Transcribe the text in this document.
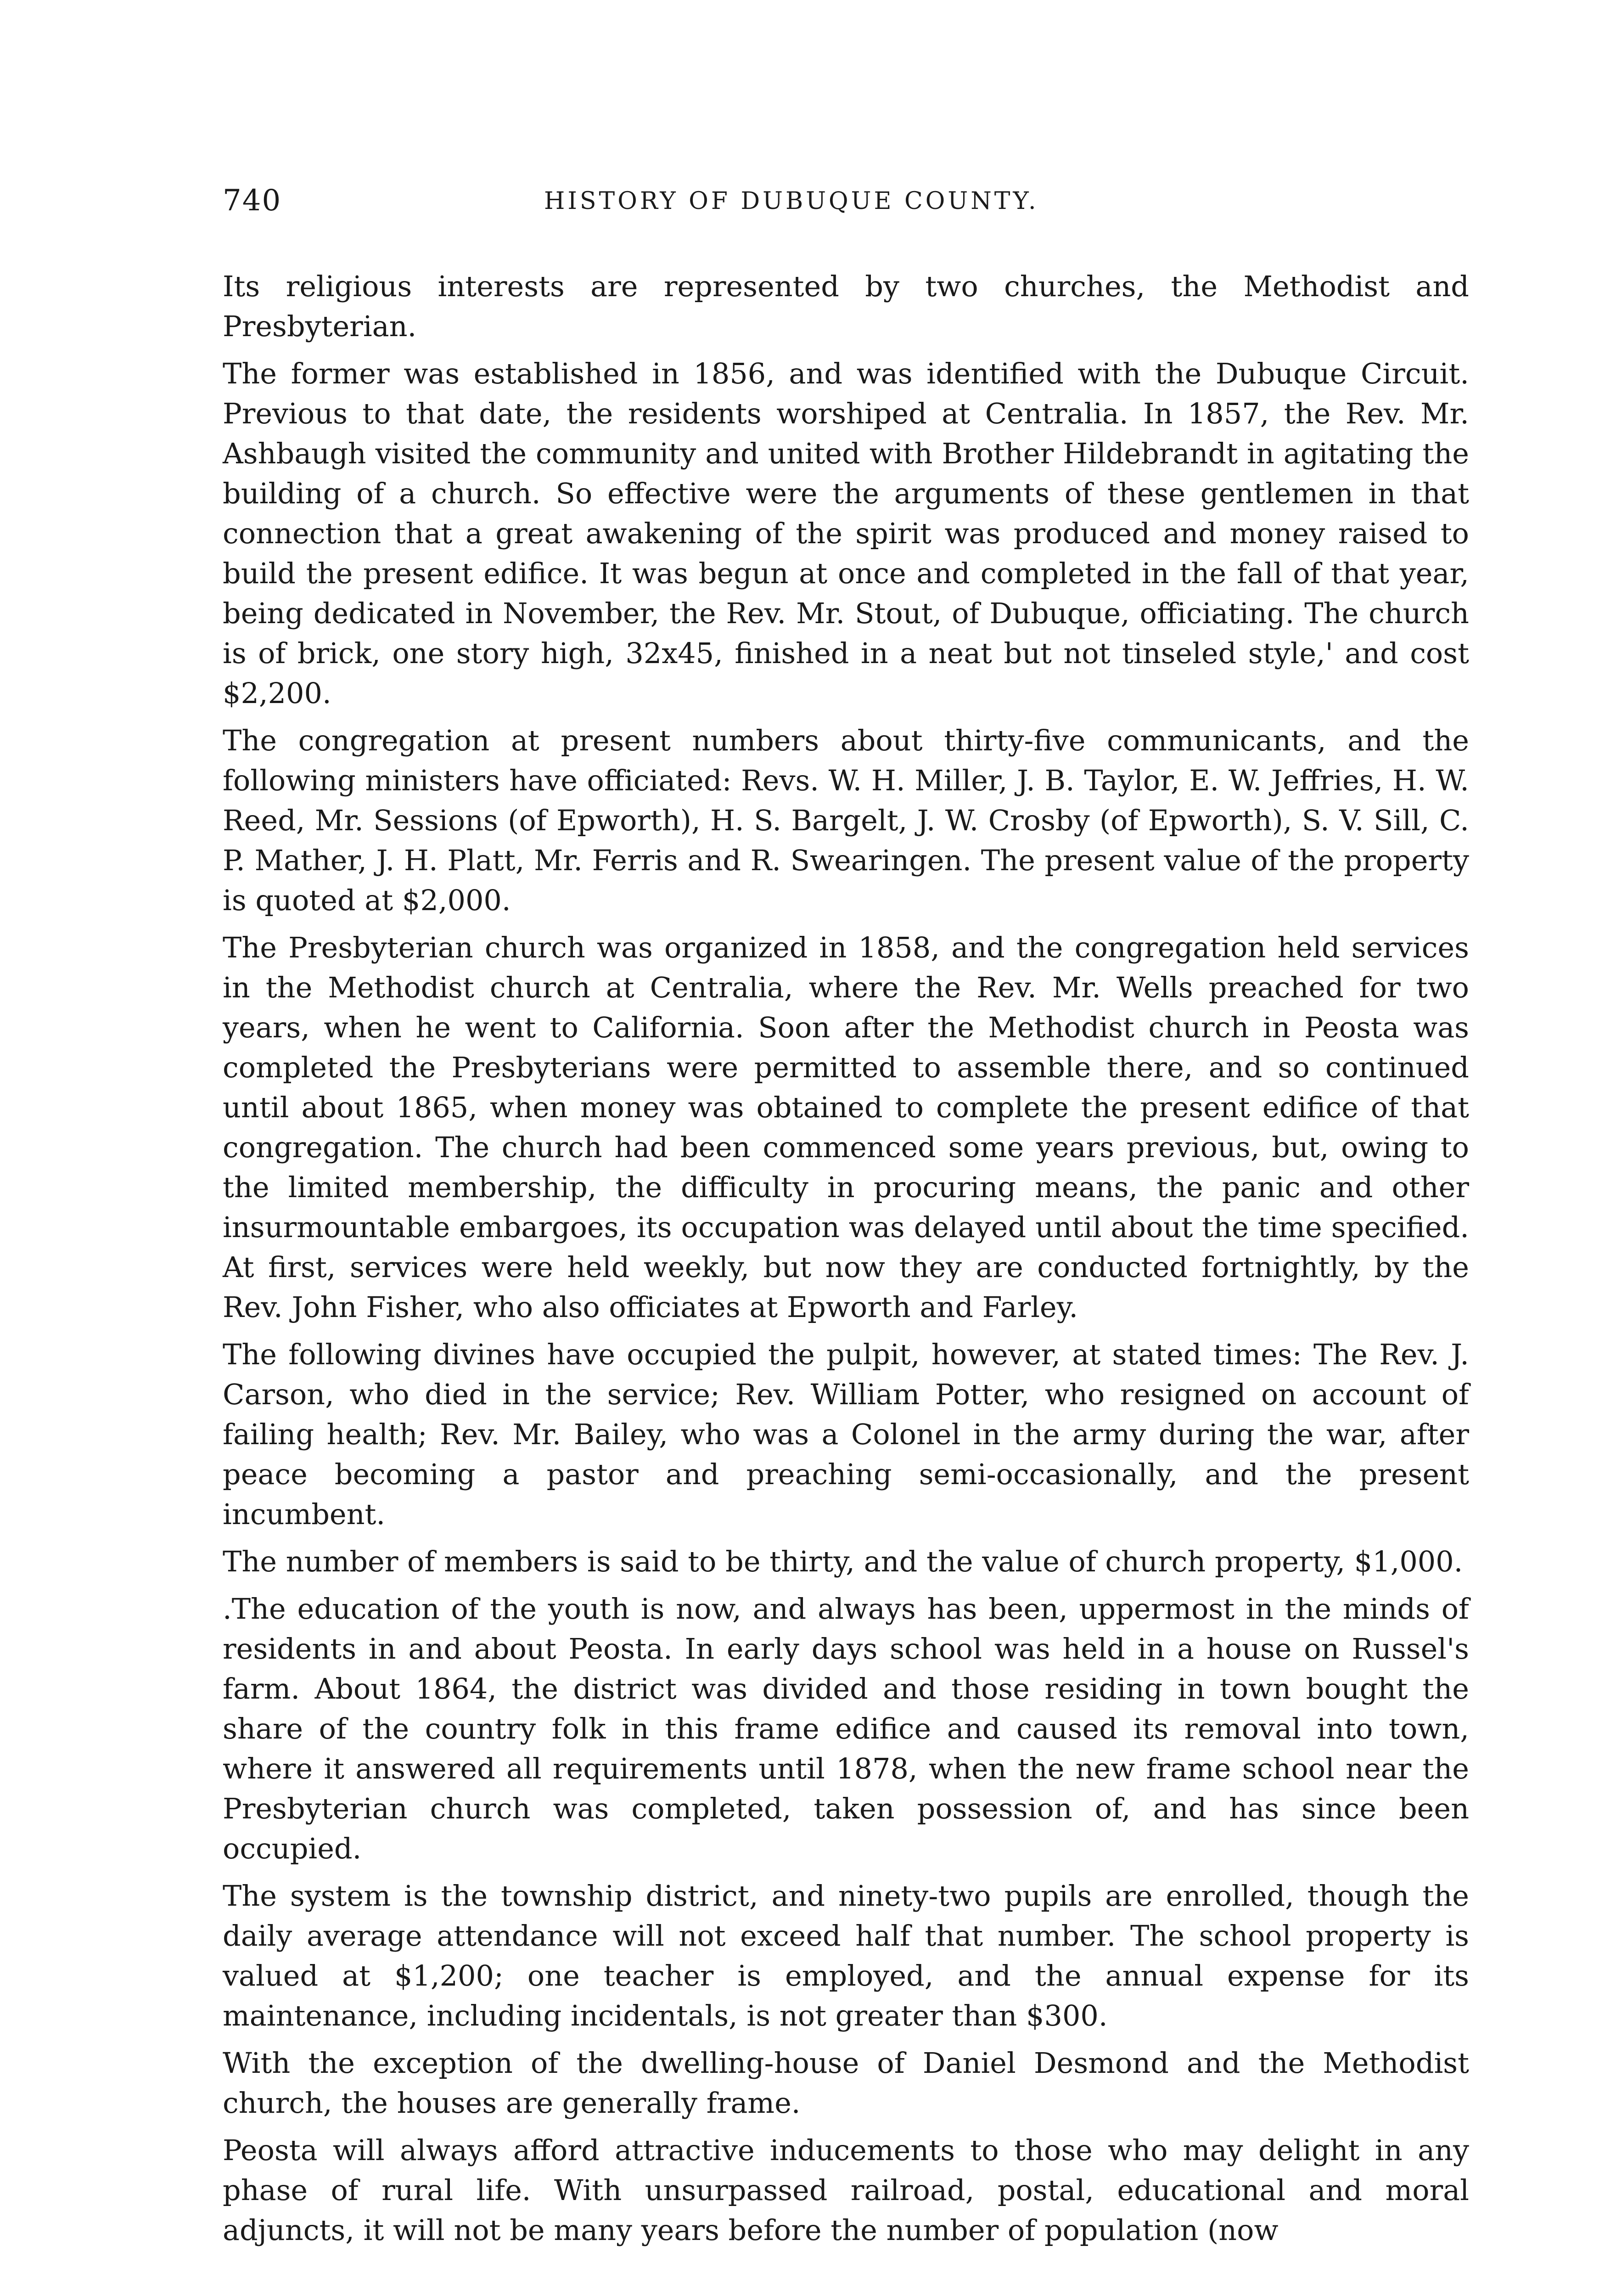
740	HISTORY OF DUBUQUE COUNTY.

Its religious interests are represented by two churches, the Methodist and Presbyterian.

The former was established in 1856, and was identified with the Dubuque Circuit. Previous to that date, the residents worshiped at Centralia. In 1857, the Rev. Mr. Ashbaugh visited the community and united with Brother Hildebrandt in agitating the building of a church. So effective were the arguments of these gentlemen in that connection that a great awakening of the spirit was produced and money raised to build the present edifice. It was begun at once and completed in the fall of that year, being dedicated in November, the Rev. Mr. Stout, of Dubuque, officiating. The church is of brick, one story high, 32x45, finished in a neat but not tinseled style,' and cost $2,200.

The congregation at present numbers about thirty-five communicants, and the following ministers have officiated: Revs. W. H. Miller, J. B. Taylor, E. W. Jeffries, H. W. Reed, Mr. Sessions (of Epworth), H. S. Bargelt, J. W. Crosby (of Epworth), S. V. Sill, C. P. Mather, J. H. Platt, Mr. Ferris and R. Swearingen. The present value of the property is quoted at $2,000.

The Presbyterian church was organized in 1858, and the congregation held services in the Methodist church at Centralia, where the Rev. Mr. Wells preached for two years, when he went to California. Soon after the Methodist church in Peosta was completed the Presbyterians were permitted to assemble there, and so continued until about 1865, when money was obtained to complete the present edifice of that congregation. The church had been commenced some years previous, but, owing to the limited membership, the difficulty in procuring means, the panic and other insurmountable embargoes, its occupation was delayed until about the time specified. At first, services were held weekly, but now they are conducted fortnightly, by the Rev. John Fisher, who also officiates at Epworth and Farley.

The following divines have occupied the pulpit, however, at stated times: The Rev. J. Carson, who died in the service; Rev. William Potter, who resigned on account of failing health; Rev. Mr. Bailey, who was a Colonel in the army during the war, after peace becoming a pastor and preaching semi-occasionally, and the present incumbent.

The number of members is said to be thirty, and the value of church property, $1,000.

.The education of the youth is now, and always has been, uppermost in the minds of residents in and about Peosta. In early days school was held in a house on Russel's farm. About 1864, the district was divided and those residing in town bought the share of the country folk in this frame edifice and caused its removal into town, where it answered all requirements until 1878, when the new frame school near the Presbyterian church was completed, taken possession of, and has since been occupied.

The system is the township district, and ninety-two pupils are enrolled, though the daily average attendance will not exceed half that number. The school property is valued at $1,200; one teacher is employed, and the annual expense for its maintenance, including incidentals, is not greater than $300.

With the exception of the dwelling-house of Daniel Desmond and the Methodist church, the houses are generally frame.

Peosta will always afford attractive inducements to those who may delight in any phase of rural life. With unsurpassed railroad, postal, educational and moral adjuncts, it will not be many years before the number of population (now
